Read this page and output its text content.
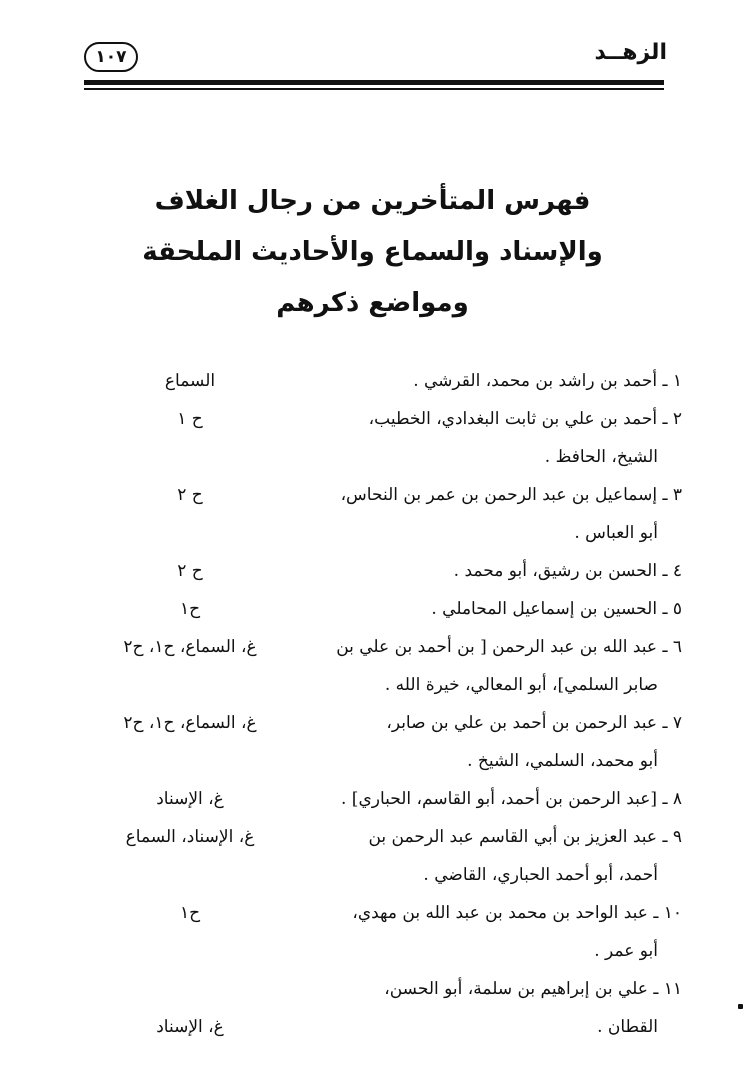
الزهــد
١٠٧
فهرس المتأخرين من رجال الغلاف
والإسناد والسماع والأحاديث الملحقة
ومواضع ذكرهم
١ ـ أحمد بن راشد بن محمد، القرشي .
السماع
٢ ـ أحمد بن علي بن ثابت البغدادي، الخطيب،
الشيخ، الحافظ .
ح ١
٣ ـ إسماعيل بن عبد الرحمن بن عمر بن النحاس،
أبو العباس .
ح ٢
٤ ـ الحسن بن رشيق، أبو محمد .
ح ٢
٥ ـ الحسين بن إسماعيل المحاملي .
ح١
٦ ـ عبد الله بن عبد الرحمن [ بن أحمد بن علي بن
صابر السلمي]، أبو المعالي، خيرة الله .
غ، السماع، ح١، ح٢
٧ ـ عبد الرحمن بن أحمد بن علي بن صابر،
أبو محمد، السلمي، الشيخ .
غ، السماع، ح١، ح٢
٨ ـ [عبد الرحمن بن أحمد، أبو القاسم، الحباري] .
غ، الإسناد
٩ ـ عبد العزيز بن أبي القاسم عبد الرحمن بن
أحمد، أبو أحمد الحباري، القاضي .
غ، الإسناد، السماع
١٠ ـ عبد الواحد بن محمد بن عبد الله بن مهدي،
أبو عمر .
ح١
١١ ـ علي بن إبراهيم بن سلمة، أبو الحسن،
القطان .
غ، الإسناد
